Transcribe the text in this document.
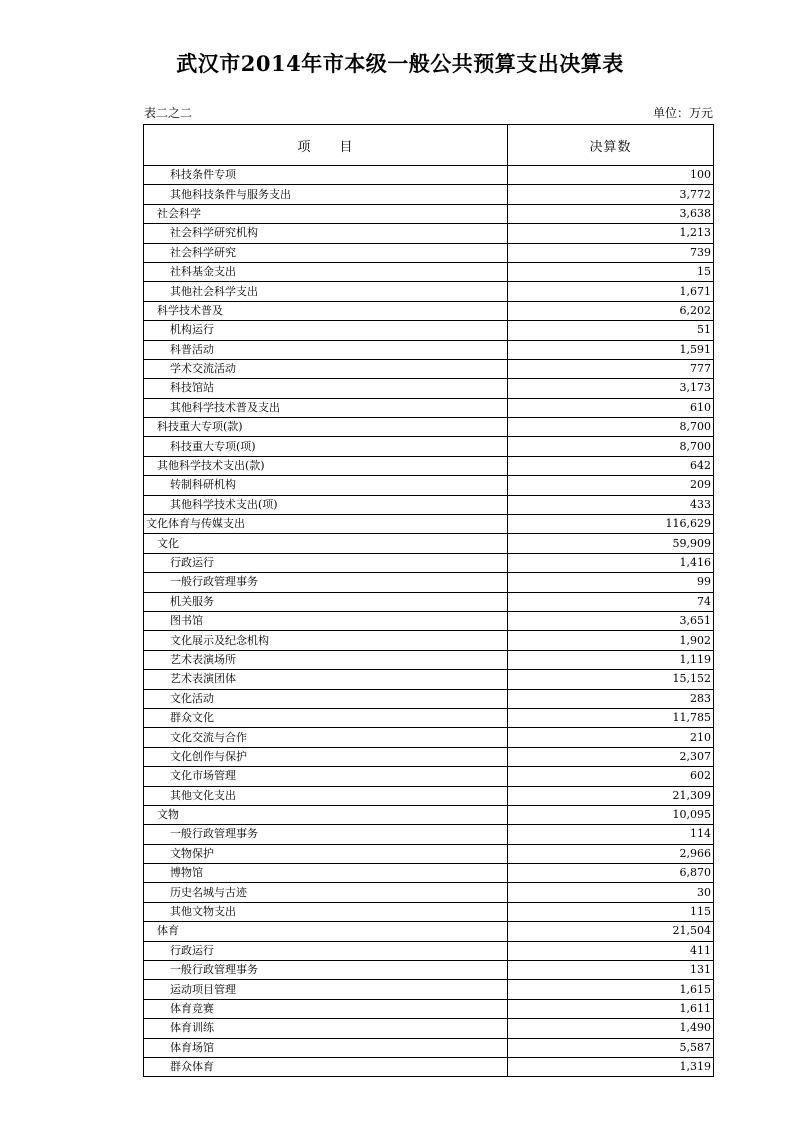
武汉市2014年市本级一般公共预算支出决算表
表二之二	单位：万元
项　　目	决算数
科技条件专项	100
其他科技条件与服务支出	3,772
社会科学	3,638
社会科学研究机构	1,213
社会科学研究	739
社科基金支出	15
其他社会科学支出	1,671
科学技术普及	6,202
机构运行	51
科普活动	1,591
学术交流活动	777
科技馆站	3,173
其他科学技术普及支出	610
科技重大专项(款)	8,700
科技重大专项(项)	8,700
其他科学技术支出(款)	642
转制科研机构	209
其他科学技术支出(项)	433
文化体育与传媒支出	116,629
文化	59,909
行政运行	1,416
一般行政管理事务	99
机关服务	74
图书馆	3,651
文化展示及纪念机构	1,902
艺术表演场所	1,119
艺术表演团体	15,152
文化活动	283
群众文化	11,785
文化交流与合作	210
文化创作与保护	2,307
文化市场管理	602
其他文化支出	21,309
文物	10,095
一般行政管理事务	114
文物保护	2,966
博物馆	6,870
历史名城与古迹	30
其他文物支出	115
体育	21,504
行政运行	411
一般行政管理事务	131
运动项目管理	1,615
体育竞赛	1,611
体育训练	1,490
体育场馆	5,587
群众体育	1,319
